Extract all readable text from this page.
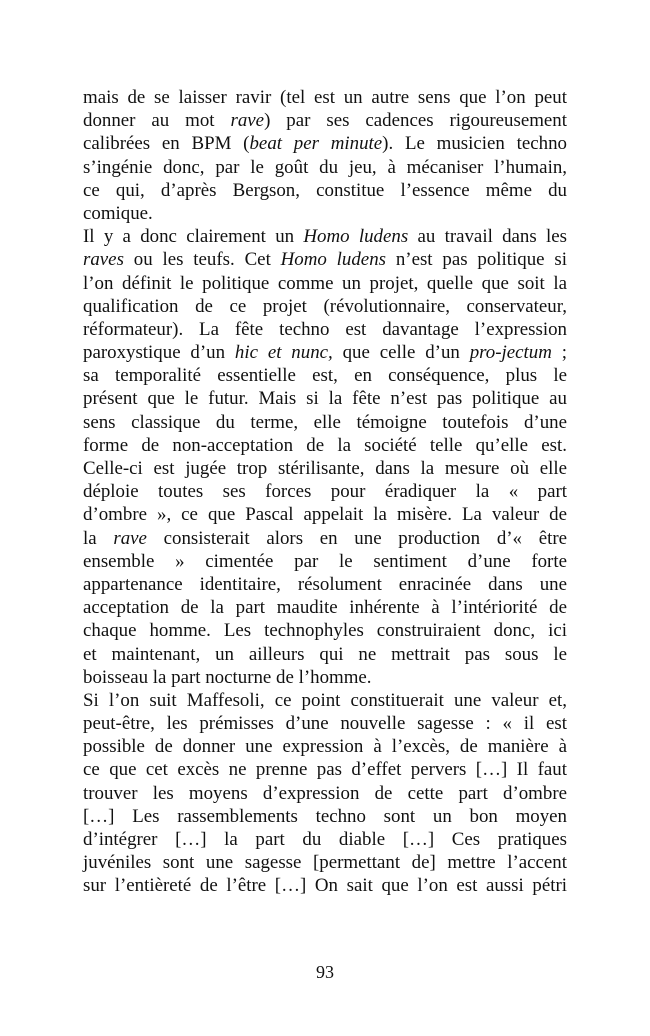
mais de se laisser ravir (tel est un autre sens que l’on peut
donner au mot rave) par ses cadences rigoureusement
calibrées en BPM (beat per minute). Le musicien techno
s’ingénie donc, par le goût du jeu, à mécaniser l’humain,
ce qui, d’après Bergson, constitue l’essence même du
comique.
Il y a donc clairement un Homo ludens au travail dans les
raves ou les teufs. Cet Homo ludens n’est pas politique si
l’on définit le politique comme un projet, quelle que soit la
qualification de ce projet (révolutionnaire, conservateur,
réformateur). La fête techno est davantage l’expression
paroxystique d’un hic et nunc, que celle d’un pro-jectum ;
sa temporalité essentielle est, en conséquence, plus le
présent que le futur. Mais si la fête n’est pas politique au
sens classique du terme, elle témoigne toutefois d’une
forme de non-acceptation de la société telle qu’elle est.
Celle-ci est jugée trop stérilisante, dans la mesure où elle
déploie toutes ses forces pour éradiquer la « part
d’ombre », ce que Pascal appelait la misère. La valeur de
la rave consisterait alors en une production d’« être
ensemble » cimentée par le sentiment d’une forte
appartenance identitaire, résolument enracinée dans une
acceptation de la part maudite inhérente à l’intériorité de
chaque homme. Les technophyles construiraient donc, ici
et maintenant, un ailleurs qui ne mettrait pas sous le
boisseau la part nocturne de l’homme.
Si l’on suit Maffesoli, ce point constituerait une valeur et,
peut-être, les prémisses d’une nouvelle sagesse : « il est
possible de donner une expression à l’excès, de manière à
ce que cet excès ne prenne pas d’effet pervers […] Il faut
trouver les moyens d’expression de cette part d’ombre
[…] Les rassemblements techno sont un bon moyen
d’intégrer […] la part du diable […] Ces pratiques
juvéniles sont une sagesse [permettant de] mettre l’accent
sur l’entièreté de l’être […] On sait que l’on est aussi pétri
93
